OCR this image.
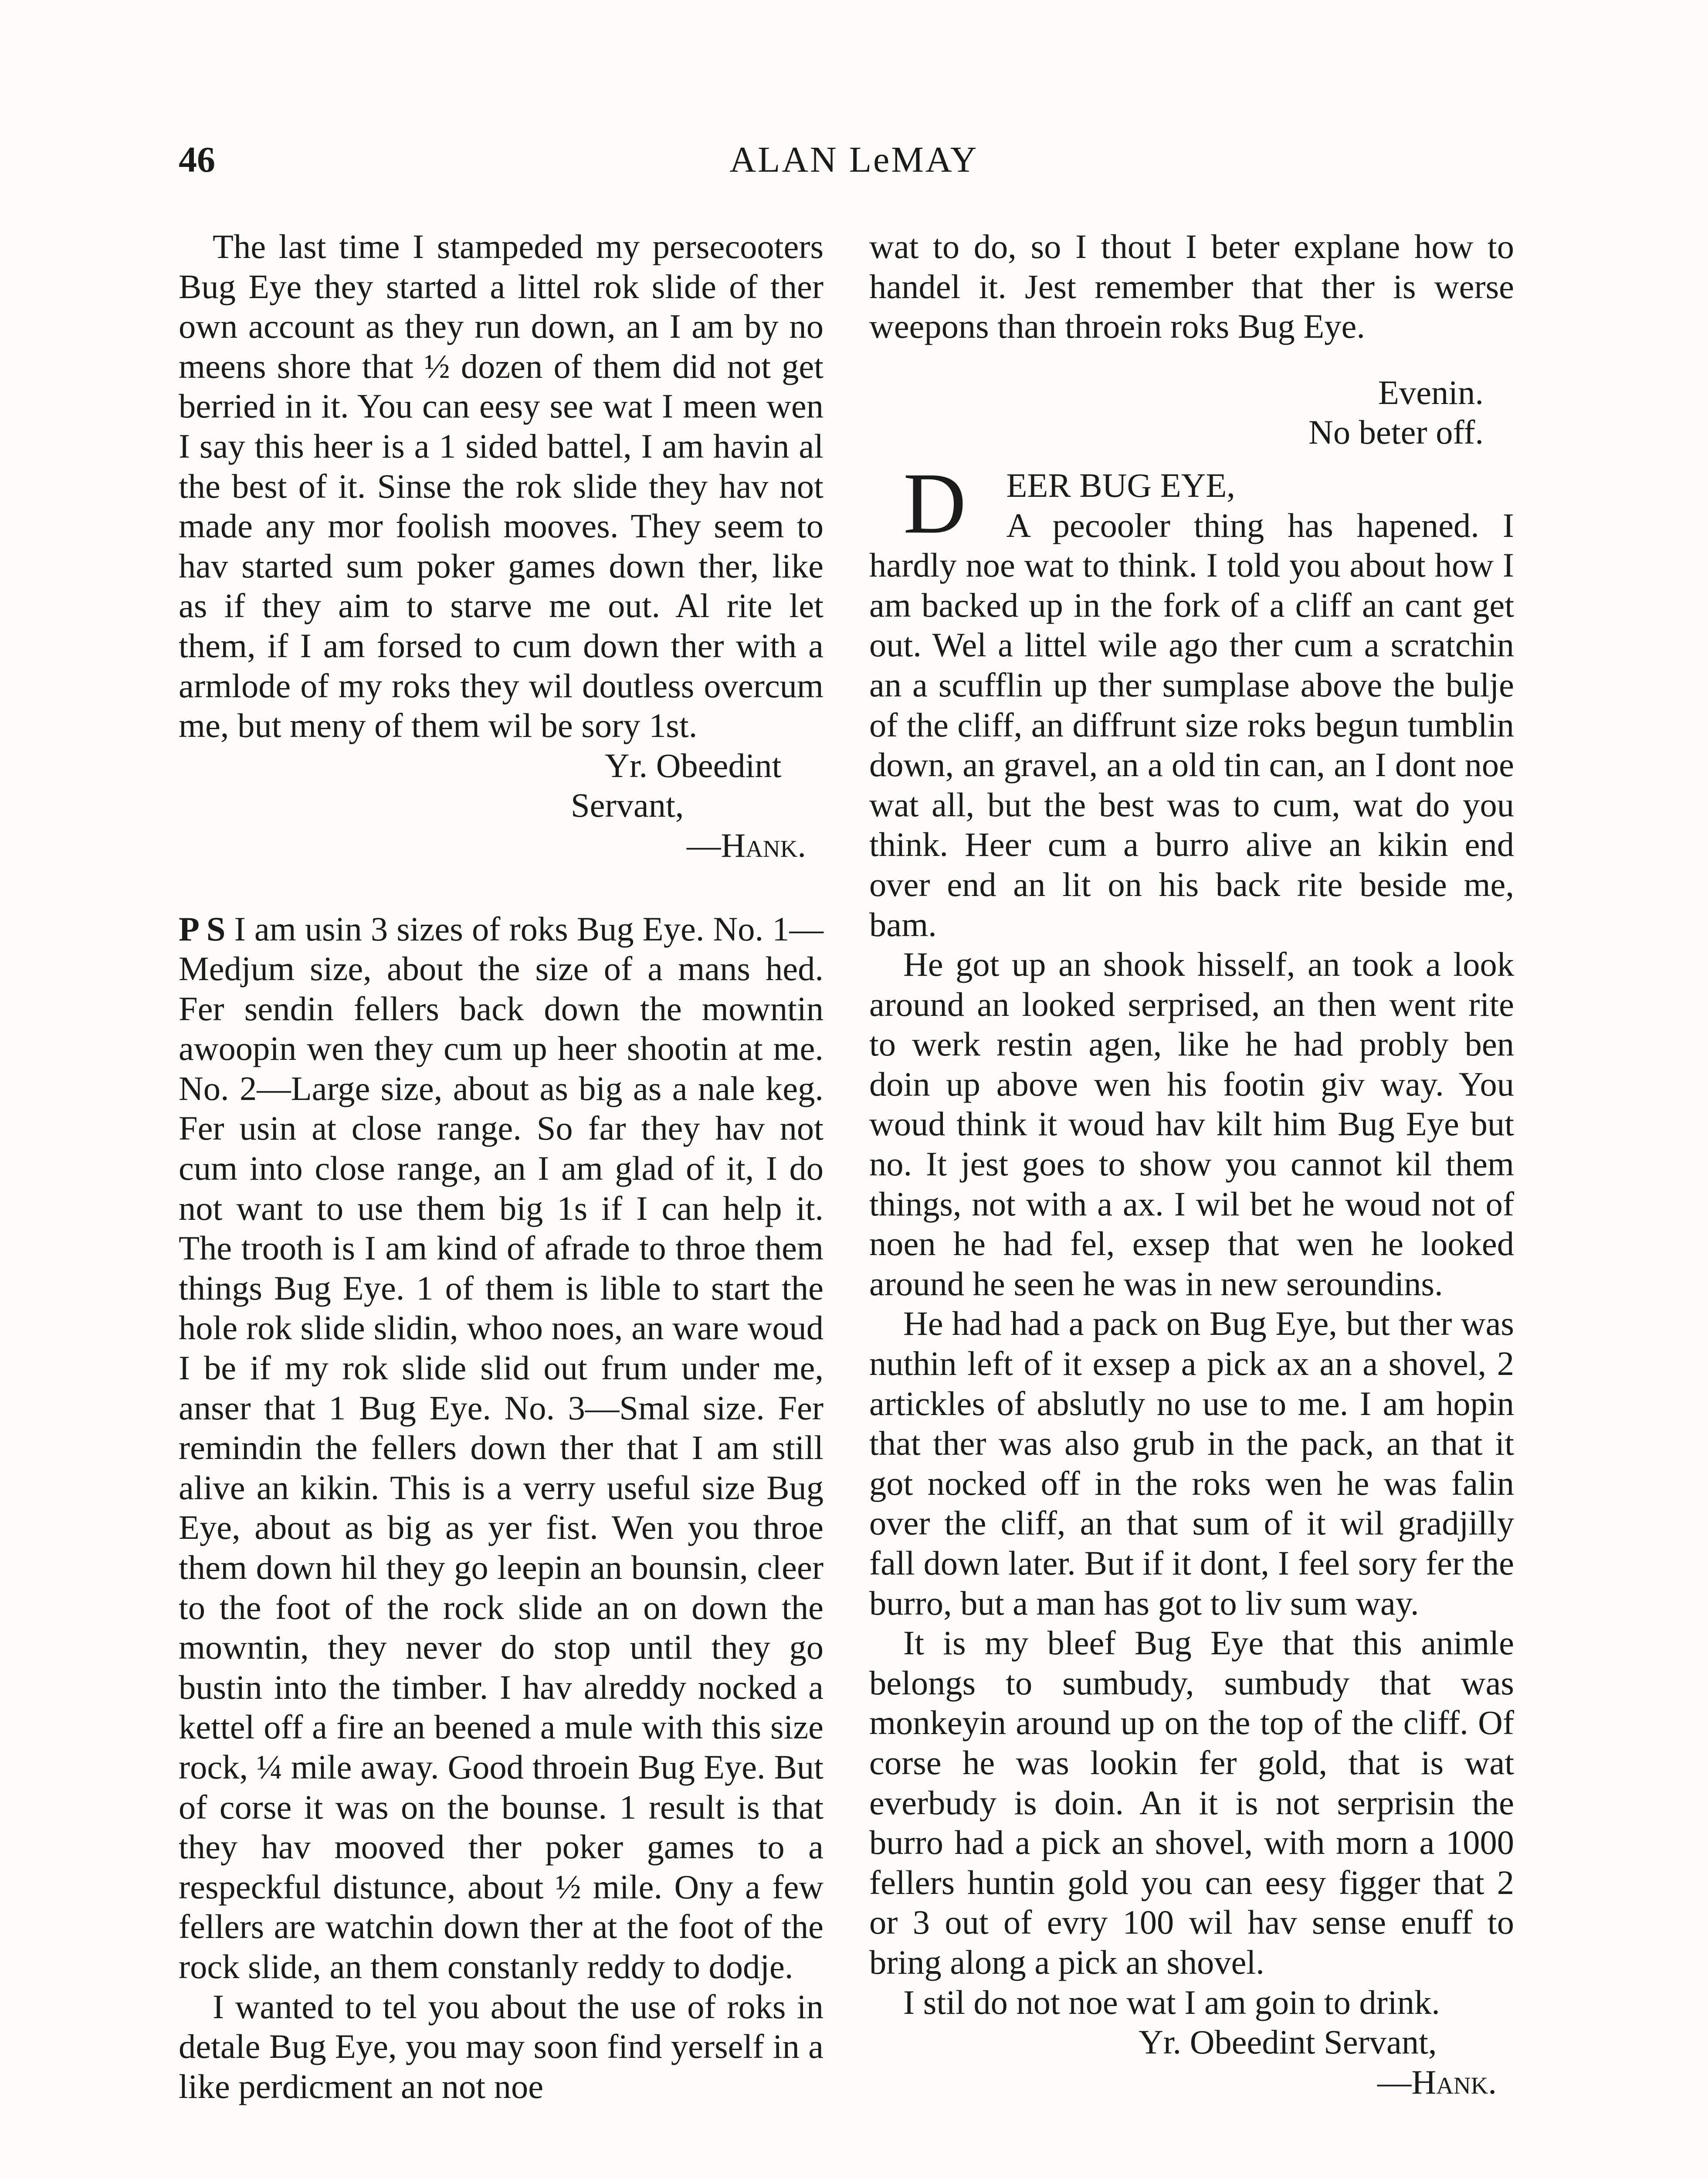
46	ALAN LeMAY

The last time I stampeded my persecooters Bug Eye they started a littel rok slide of ther own account as they run down, an I am by no meens shore that ½ dozen of them did not get berried in it. You can eesy see wat I meen wen I say this heer is a 1 sided battel, I am havin al the best of it. Sinse the rok slide they hav not made any mor foolish mooves. They seem to hav started sum poker games down ther, like as if they aim to starve me out. Al rite let them, if I am forsed to cum down ther with a armlode of my roks they wil doutless overcum me, but meny of them wil be sory 1st.

Yr. Obeedint Servant,

—Hank.

P S I am usin 3 sizes of roks Bug Eye. No. 1—Medjum size, about the size of a mans hed. Fer sendin fellers back down the mowntin awoopin wen they cum up heer shootin at me. No. 2—Large size, about as big as a nale keg. Fer usin at close range. So far they hav not cum into close range, an I am glad of it, I do not want to use them big 1s if I can help it. The trooth is I am kind of afrade to throe them things Bug Eye. 1 of them is lible to start the hole rok slide slidin, whoo noes, an ware woud I be if my rok slide slid out frum under me, anser that 1 Bug Eye. No. 3—Smal size. Fer remindin the fellers down ther that I am still alive an kikin. This is a verry useful size Bug Eye, about as big as yer fist. Wen you throe them down hil they go leepin an bounsin, cleer to the foot of the rock slide an on down the mowntin, they never do stop until they go bustin into the timber. I hav alreddy nocked a kettel off a fire an beened a mule with this size rock, ¼ mile away. Good throein Bug Eye. But of corse it was on the bounse. 1 result is that they hav mooved ther poker games to a respeckful distunce, about ½ mile. Ony a few fellers are watchin down ther at the foot of the rock slide, an them constanly reddy to dodje.

I wanted to tel you about the use of roks in detale Bug Eye, you may soon find yerself in a like perdicment an not noe

wat to do, so I thout I beter explane how to handel it. Jest remember that ther is werse weepons than throein roks Bug Eye.

Evenin.

No beter off.

D EER BUG EYE,

A pecooler thing has hapened. I hardly noe wat to think. I told you about how I am backed up in the fork of a cliff an cant get out. Wel a littel wile ago ther cum a scratchin an a scufflin up ther sumplase above the bulje of the cliff, an diffrunt size roks begun tumblin down, an gravel, an a old tin can, an I dont noe wat all, but the best was to cum, wat do you think. Heer cum a burro alive an kikin end over end an lit on his back rite beside me, bam.

He got up an shook hisself, an took a look around an looked serprised, an then went rite to werk restin agen, like he had probly ben doin up above wen his footin giv way. You woud think it woud hav kilt him Bug Eye but no. It jest goes to show you cannot kil them things, not with a ax. I wil bet he woud not of noen he had fel, exsep that wen he looked around he seen he was in new seroundins.

He had had a pack on Bug Eye, but ther was nuthin left of it exsep a pick ax an a shovel, 2 artickles of abslutly no use to me. I am hopin that ther was also grub in the pack, an that it got nocked off in the roks wen he was falin over the cliff, an that sum of it wil gradjilly fall down later. But if it dont, I feel sory fer the burro, but a man has got to liv sum way.

It is my bleef Bug Eye that this animle belongs to sumbudy, sumbudy that was monkeyin around up on the top of the cliff. Of corse he was lookin fer gold, that is wat everbudy is doin. An it is not serprisin the burro had a pick an shovel, with morn a 1000 fellers huntin gold you can eesy figger that 2 or 3 out of evry 100 wil hav sense enuff to bring along a pick an shovel.

I stil do not noe wat I am goin to drink.

Yr. Obeedint Servant,

—Hank.
